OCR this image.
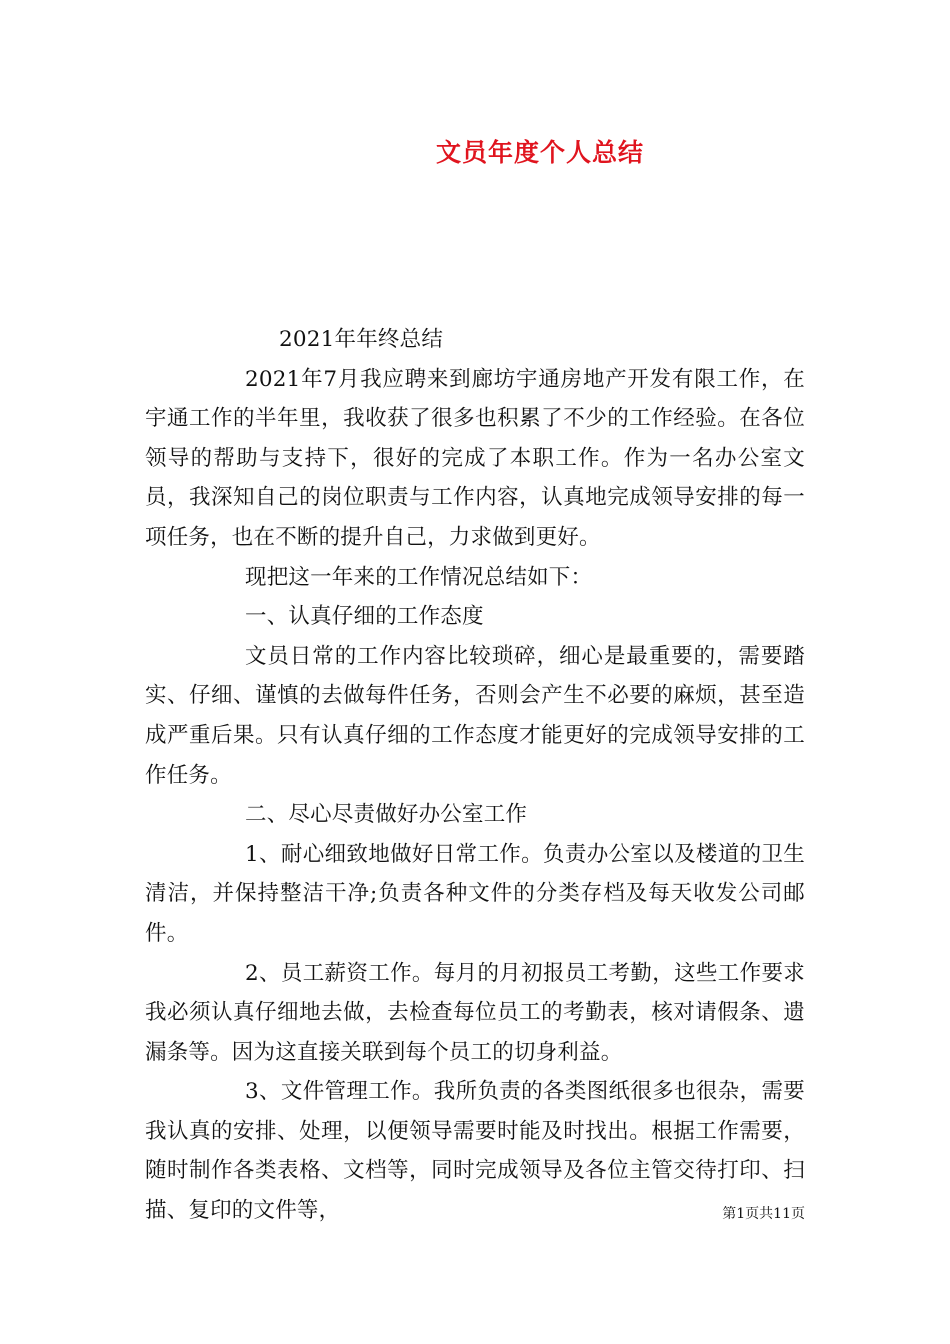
文员年度个人总结

2021年年终总结

2021年7月我应聘来到廊坊宇通房地产开发有限工作，在宇通工作的半年里，我收获了很多也积累了不少的工作经验。在各位领导的帮助与支持下，很好的完成了本职工作。作为一名办公室文员，我深知自己的岗位职责与工作内容，认真地完成领导安排的每一项任务，也在不断的提升自己，力求做到更好。

现把这一年来的工作情况总结如下：

一、认真仔细的工作态度

文员日常的工作内容比较琐碎，细心是最重要的，需要踏实、仔细、谨慎的去做每件任务，否则会产生不必要的麻烦，甚至造成严重后果。只有认真仔细的工作态度才能更好的完成领导安排的工作任务。

二、尽心尽责做好办公室工作

1、耐心细致地做好日常工作。负责办公室以及楼道的卫生清洁，并保持整洁干净;负责各种文件的分类存档及每天收发公司邮件。

2、员工薪资工作。每月的月初报员工考勤，这些工作要求我必须认真仔细地去做，去检查每位员工的考勤表，核对请假条、遗漏条等。因为这直接关联到每个员工的切身利益。

3、文件管理工作。我所负责的各类图纸很多也很杂，需要我认真的安排、处理，以便领导需要时能及时找出。根据工作需要，随时制作各类表格、文档等，同时完成领导及各位主管交待打印、扫描、复印的文件等，	第1页共11页
